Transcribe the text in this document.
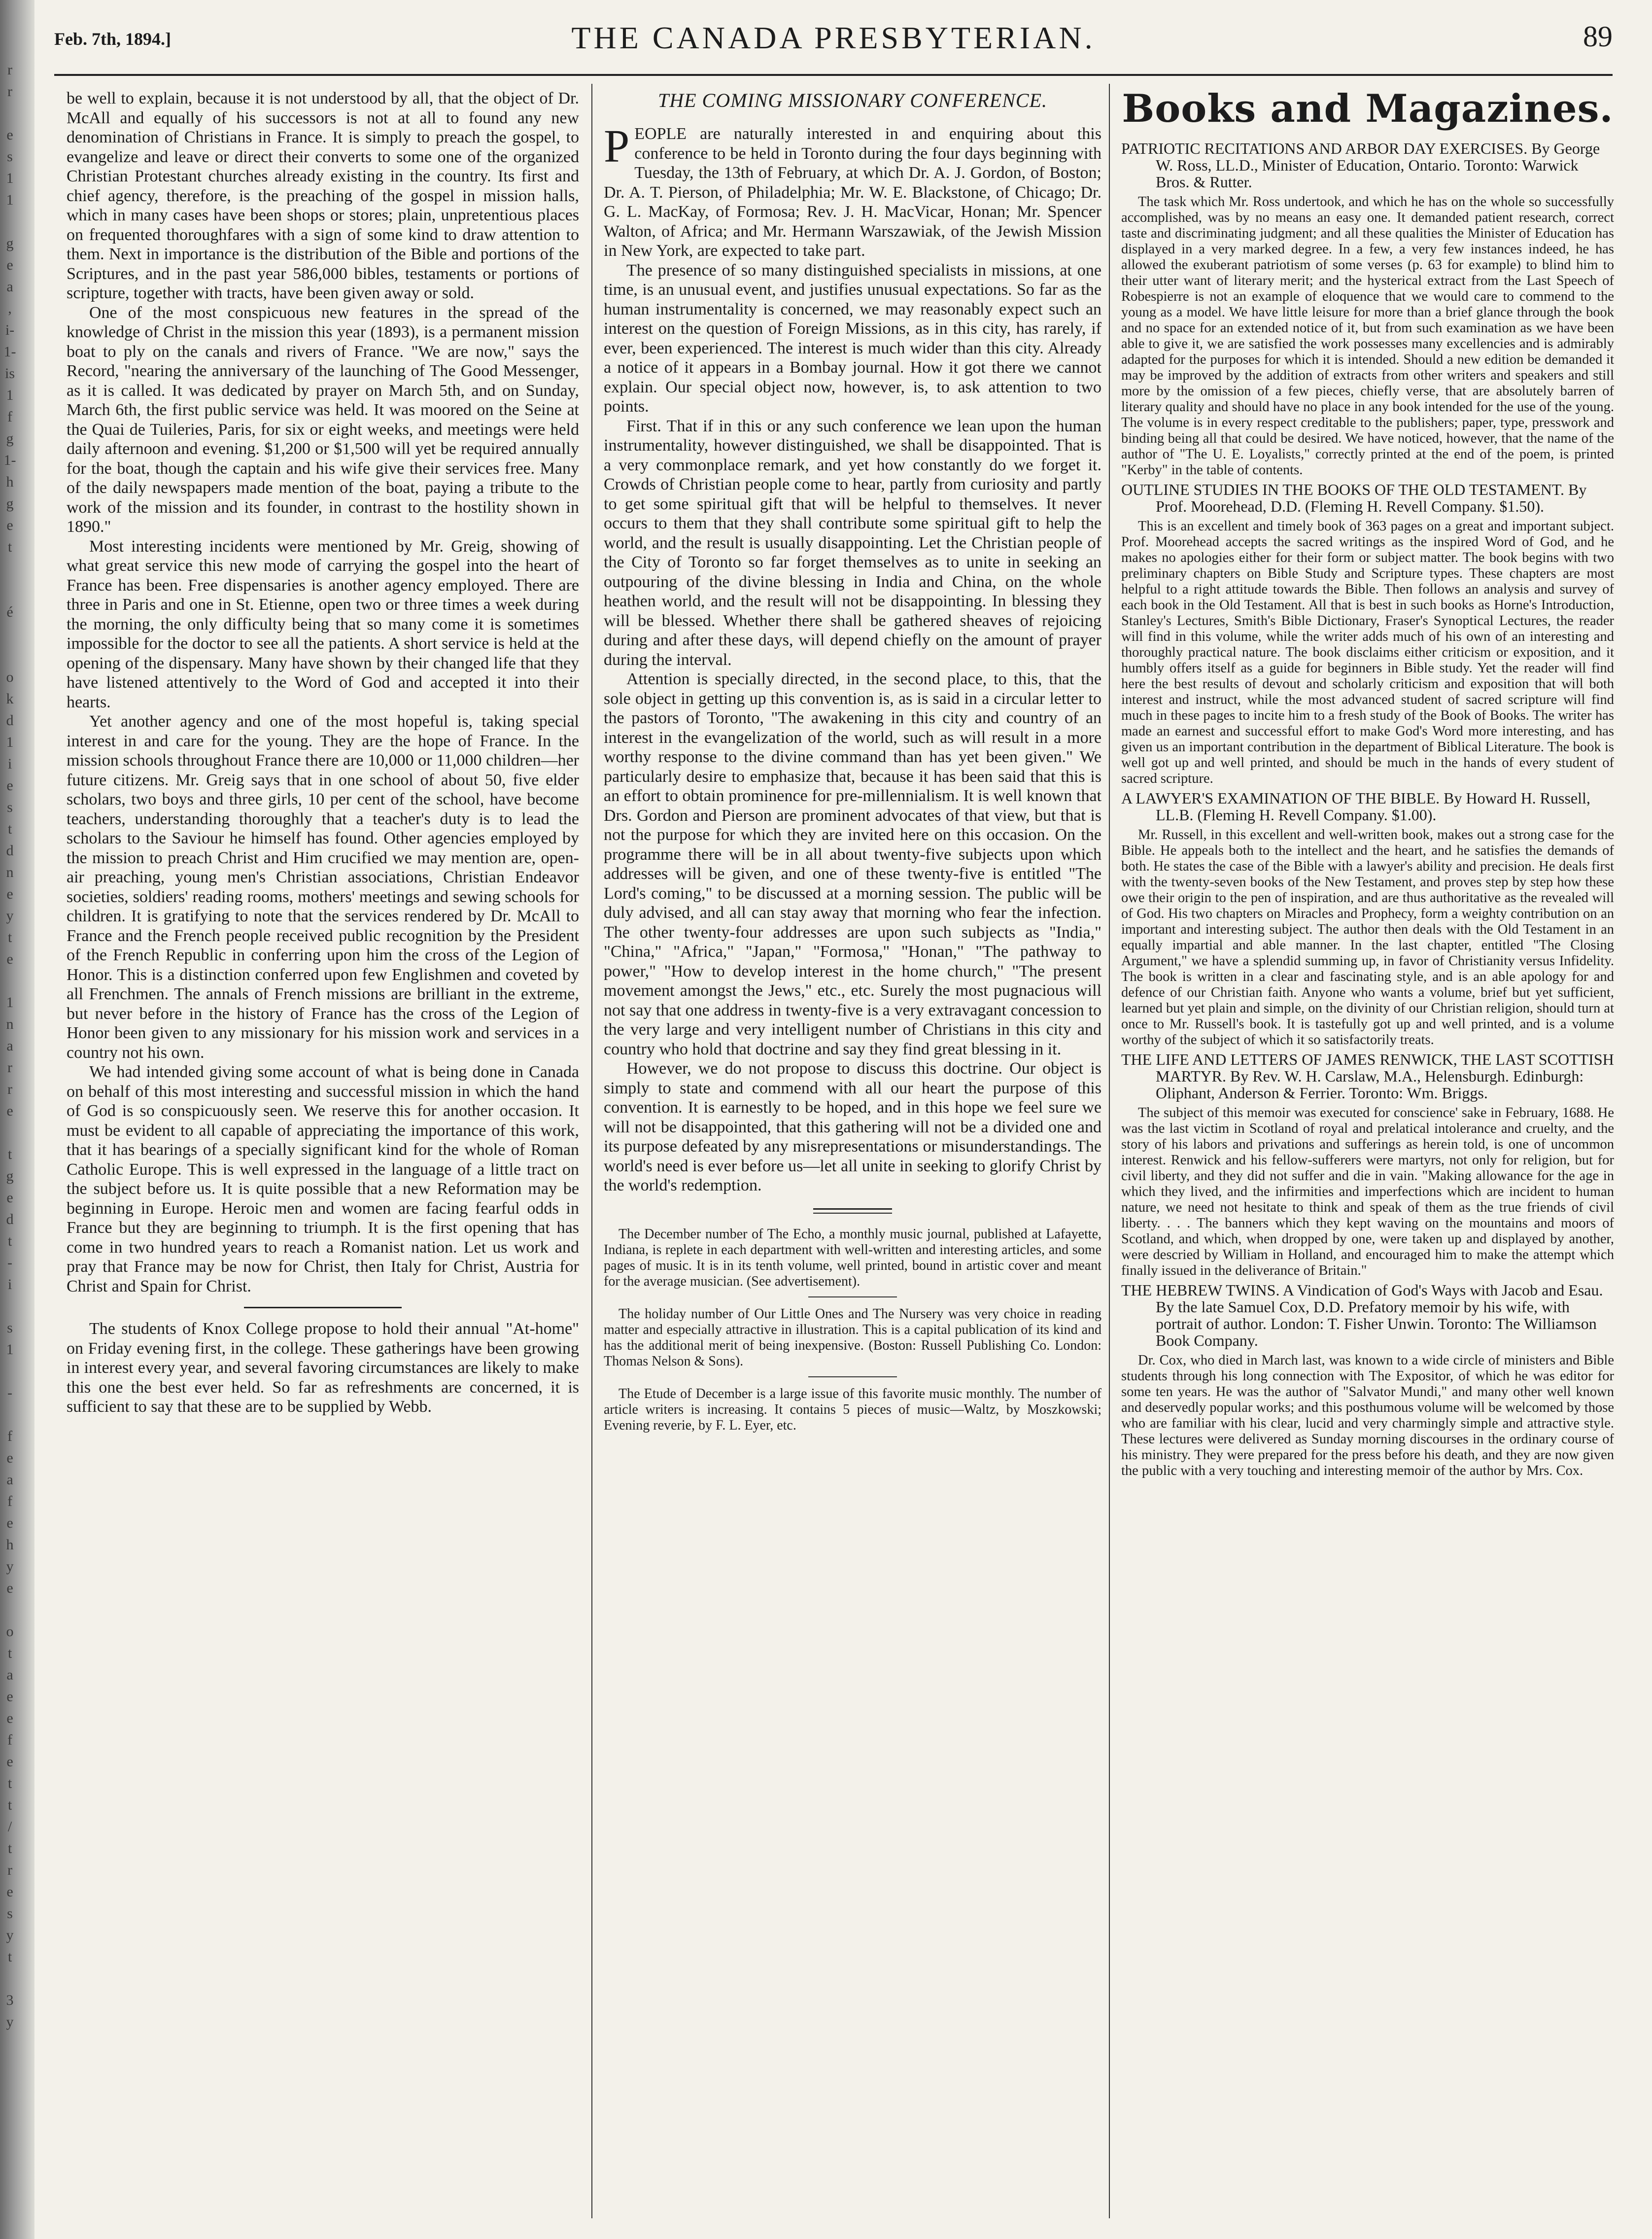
r
r

e
s
1
1

g
e
a
,
i-
1-
is
1
f
g
1-
h
g
e
t

é

o
k
d
1
i
e
s
t
d
n
e
y
t
e

1
n
a
r
r
e

t
g
e
d
t
-
i

s
1

-

f
e
a
f
e
h
y
e

o
t
a
e
e
f
e
t
t
/
t
r
e
s
y
t

3
y
Feb. 7th, 1894.]	THE CANADA PRESBYTERIAN.	89

be well to explain, because it is not understood by all, that the object of Dr. McAll and equally of his successors is not at all to found any new denomination of Christians in France. It is simply to preach the gospel, to evangelize and leave or direct their converts to some one of the organized Christian Protestant churches already existing in the country. Its first and chief agency, therefore, is the preaching of the gospel in mission halls, which in many cases have been shops or stores; plain, unpretentious places on frequented thoroughfares with a sign of some kind to draw attention to them. Next in importance is the distribution of the Bible and portions of the Scriptures, and in the past year 586,000 bibles, testaments or portions of scripture, together with tracts, have been given away or sold.

One of the most conspicuous new features in the spread of the knowledge of Christ in the mission this year (1893), is a permanent mission boat to ply on the canals and rivers of France. "We are now," says the Record, "nearing the anniversary of the launching of The Good Messenger, as it is called. It was dedicated by prayer on March 5th, and on Sunday, March 6th, the first public service was held. It was moored on the Seine at the Quai de Tuileries, Paris, for six or eight weeks, and meetings were held daily afternoon and evening. $1,200 or $1,500 will yet be required annually for the boat, though the captain and his wife give their services free. Many of the daily newspapers made mention of the boat, paying a tribute to the work of the mission and its founder, in contrast to the hostility shown in 1890."

Most interesting incidents were mentioned by Mr. Greig, showing of what great service this new mode of carrying the gospel into the heart of France has been. Free dispensaries is another agency employed. There are three in Paris and one in St. Etienne, open two or three times a week during the morning, the only difficulty being that so many come it is sometimes impossible for the doctor to see all the patients. A short service is held at the opening of the dispensary. Many have shown by their changed life that they have listened attentively to the Word of God and accepted it into their hearts.

Yet another agency and one of the most hopeful is, taking special interest in and care for the young. They are the hope of France. In the mission schools throughout France there are 10,000 or 11,000 children—her future citizens. Mr. Greig says that in one school of about 50, five elder scholars, two boys and three girls, 10 per cent of the school, have become teachers, understanding thoroughly that a teacher's duty is to lead the scholars to the Saviour he himself has found. Other agencies employed by the mission to preach Christ and Him crucified we may mention are, open-air preaching, young men's Christian associations, Christian Endeavor societies, soldiers' reading rooms, mothers' meetings and sewing schools for children. It is gratifying to note that the services rendered by Dr. McAll to France and the French people received public recognition by the President of the French Republic in conferring upon him the cross of the Legion of Honor. This is a distinction conferred upon few Englishmen and coveted by all Frenchmen. The annals of French missions are brilliant in the extreme, but never before in the history of France has the cross of the Legion of Honor been given to any missionary for his mission work and services in a country not his own.

We had intended giving some account of what is being done in Canada on behalf of this most interesting and successful mission in which the hand of God is so conspicuously seen. We reserve this for another occasion. It must be evident to all capable of appreciating the importance of this work, that it has bearings of a specially significant kind for the whole of Roman Catholic Europe. This is well expressed in the language of a little tract on the subject before us. It is quite possible that a new Reformation may be beginning in Europe. Heroic men and women are facing fearful odds in France but they are beginning to triumph. It is the first opening that has come in two hundred years to reach a Romanist nation. Let us work and pray that France may be now for Christ, then Italy for Christ, Austria for Christ and Spain for Christ.

The students of Knox College propose to hold their annual "At-home" on Friday evening first, in the college. These gatherings have been growing in interest every year, and several favoring circumstances are likely to make this one the best ever held. So far as refreshments are concerned, it is sufficient to say that these are to be supplied by Webb.

THE COMING MISSIONARY CONFERENCE.

PEOPLE are naturally interested in and enquiring about this conference to be held in Toronto during the four days beginning with Tuesday, the 13th of February, at which Dr. A. J. Gordon, of Boston; Dr. A. T. Pierson, of Philadelphia; Mr. W. E. Blackstone, of Chicago; Dr. G. L. MacKay, of Formosa; Rev. J. H. MacVicar, Honan; Mr. Spencer Walton, of Africa; and Mr. Hermann Warszawiak, of the Jewish Mission in New York, are expected to take part.

The presence of so many distinguished specialists in missions, at one time, is an unusual event, and justifies unusual expectations. So far as the human instrumentality is concerned, we may reasonably expect such an interest on the question of Foreign Missions, as in this city, has rarely, if ever, been experienced. The interest is much wider than this city. Already a notice of it appears in a Bombay journal. How it got there we cannot explain. Our special object now, however, is, to ask attention to two points.

First. That if in this or any such conference we lean upon the human instrumentality, however distinguished, we shall be disappointed. That is a very commonplace remark, and yet how constantly do we forget it. Crowds of Christian people come to hear, partly from curiosity and partly to get some spiritual gift that will be helpful to themselves. It never occurs to them that they shall contribute some spiritual gift to help the world, and the result is usually disappointing. Let the Christian people of the City of Toronto so far forget themselves as to unite in seeking an outpouring of the divine blessing in India and China, on the whole heathen world, and the result will not be disappointing. In blessing they will be blessed. Whether there shall be gathered sheaves of rejoicing during and after these days, will depend chiefly on the amount of prayer during the interval.

Attention is specially directed, in the second place, to this, that the sole object in getting up this convention is, as is said in a circular letter to the pastors of Toronto, "The awakening in this city and country of an interest in the evangelization of the world, such as will result in a more worthy response to the divine command than has yet been given." We particularly desire to emphasize that, because it has been said that this is an effort to obtain prominence for pre-millennialism. It is well known that Drs. Gordon and Pierson are prominent advocates of that view, but that is not the purpose for which they are invited here on this occasion. On the programme there will be in all about twenty-five subjects upon which addresses will be given, and one of these twenty-five is entitled "The Lord's coming," to be discussed at a morning session. The public will be duly advised, and all can stay away that morning who fear the infection. The other twenty-four addresses are upon such subjects as "India," "China," "Africa," "Japan," "Formosa," "Honan," "The pathway to power," "How to develop interest in the home church," "The present movement amongst the Jews," etc., etc. Surely the most pugnacious will not say that one address in twenty-five is a very extravagant concession to the very large and very intelligent number of Christians in this city and country who hold that doctrine and say they find great blessing in it.

However, we do not propose to discuss this doctrine. Our object is simply to state and commend with all our heart the purpose of this convention. It is earnestly to be hoped, and in this hope we feel sure we will not be disappointed, that this gathering will not be a divided one and its purpose defeated by any misrepresentations or misunderstandings. The world's need is ever before us—let all unite in seeking to glorify Christ by the world's redemption.

The December number of The Echo, a monthly music journal, published at Lafayette, Indiana, is replete in each department with well-written and interesting articles, and some pages of music. It is in its tenth volume, well printed, bound in artistic cover and meant for the average musician. (See advertisement).

The holiday number of Our Little Ones and The Nursery was very choice in reading matter and especially attractive in illustration. This is a capital publication of its kind and has the additional merit of being inexpensive. (Boston: Russell Publishing Co. London: Thomas Nelson & Sons).

The Etude of December is a large issue of this favorite music monthly. The number of article writers is increasing. It contains 5 pieces of music—Waltz, by Moszkowski; Evening reverie, by F. L. Eyer, etc.

Books and Magazines.
PATRIOTIC RECITATIONS AND ARBOR DAY EXERCISES. By George W. Ross, LL.D., Minister of Education, Ontario. Toronto: Warwick Bros. & Rutter.

The task which Mr. Ross undertook, and which he has on the whole so successfully accomplished, was by no means an easy one. It demanded patient research, correct taste and discriminating judgment; and all these qualities the Minister of Education has displayed in a very marked degree. In a few, a very few instances indeed, he has allowed the exuberant patriotism of some verses (p. 63 for example) to blind him to their utter want of literary merit; and the hysterical extract from the Last Speech of Robespierre is not an example of eloquence that we would care to commend to the young as a model. We have little leisure for more than a brief glance through the book and no space for an extended notice of it, but from such examination as we have been able to give it, we are satisfied the work possesses many excellencies and is admirably adapted for the purposes for which it is intended. Should a new edition be demanded it may be improved by the addition of extracts from other writers and speakers and still more by the omission of a few pieces, chiefly verse, that are absolutely barren of literary quality and should have no place in any book intended for the use of the young. The volume is in every respect creditable to the publishers; paper, type, presswork and binding being all that could be desired. We have noticed, however, that the name of the author of "The U. E. Loyalists," correctly printed at the end of the poem, is printed "Kerby" in the table of contents.

OUTLINE STUDIES IN THE BOOKS OF THE OLD TESTAMENT. By Prof. Moorehead, D.D. (Fleming H. Revell Company. $1.50).

This is an excellent and timely book of 363 pages on a great and important subject. Prof. Moorehead accepts the sacred writings as the inspired Word of God, and he makes no apologies either for their form or subject matter. The book begins with two preliminary chapters on Bible Study and Scripture types. These chapters are most helpful to a right attitude towards the Bible. Then follows an analysis and survey of each book in the Old Testament. All that is best in such books as Horne's Introduction, Stanley's Lectures, Smith's Bible Dictionary, Fraser's Synoptical Lectures, the reader will find in this volume, while the writer adds much of his own of an interesting and thoroughly practical nature. The book disclaims either criticism or exposition, and it humbly offers itself as a guide for beginners in Bible study. Yet the reader will find here the best results of devout and scholarly criticism and exposition that will both interest and instruct, while the most advanced student of sacred scripture will find much in these pages to incite him to a fresh study of the Book of Books. The writer has made an earnest and successful effort to make God's Word more interesting, and has given us an important contribution in the department of Biblical Literature. The book is well got up and well printed, and should be much in the hands of every student of sacred scripture.

A LAWYER'S EXAMINATION OF THE BIBLE. By Howard H. Russell, LL.B. (Fleming H. Revell Company. $1.00).

Mr. Russell, in this excellent and well-written book, makes out a strong case for the Bible. He appeals both to the intellect and the heart, and he satisfies the demands of both. He states the case of the Bible with a lawyer's ability and precision. He deals first with the twenty-seven books of the New Testament, and proves step by step how these owe their origin to the pen of inspiration, and are thus authoritative as the revealed will of God. His two chapters on Miracles and Prophecy, form a weighty contribution on an important and interesting subject. The author then deals with the Old Testament in an equally impartial and able manner. In the last chapter, entitled "The Closing Argument," we have a splendid summing up, in favor of Christianity versus Infidelity. The book is written in a clear and fascinating style, and is an able apology for and defence of our Christian faith. Anyone who wants a volume, brief but yet sufficient, learned but yet plain and simple, on the divinity of our Christian religion, should turn at once to Mr. Russell's book. It is tastefully got up and well printed, and is a volume worthy of the subject of which it so satisfactorily treats.

THE LIFE AND LETTERS OF JAMES RENWICK, THE LAST SCOTTISH MARTYR. By Rev. W. H. Carslaw, M.A., Helensburgh. Edinburgh: Oliphant, Anderson & Ferrier. Toronto: Wm. Briggs.

The subject of this memoir was executed for conscience' sake in February, 1688. He was the last victim in Scotland of royal and prelatical intolerance and cruelty, and the story of his labors and privations and sufferings as herein told, is one of uncommon interest. Renwick and his fellow-sufferers were martyrs, not only for religion, but for civil liberty, and they did not suffer and die in vain. "Making allowance for the age in which they lived, and the infirmities and imperfections which are incident to human nature, we need not hesitate to think and speak of them as the true friends of civil liberty. . . . The banners which they kept waving on the mountains and moors of Scotland, and which, when dropped by one, were taken up and displayed by another, were descried by William in Holland, and encouraged him to make the attempt which finally issued in the deliverance of Britain."

THE HEBREW TWINS. A Vindication of God's Ways with Jacob and Esau. By the late Samuel Cox, D.D. Prefatory memoir by his wife, with portrait of author. London: T. Fisher Unwin. Toronto: The Williamson Book Company.

Dr. Cox, who died in March last, was known to a wide circle of ministers and Bible students through his long connection with The Expositor, of which he was editor for some ten years. He was the author of "Salvator Mundi," and many other well known and deservedly popular works; and this posthumous volume will be welcomed by those who are familiar with his clear, lucid and very charmingly simple and attractive style. These lectures were delivered as Sunday morning discourses in the ordinary course of his ministry. They were prepared for the press before his death, and they are now given the public with a very touching and interesting memoir of the author by Mrs. Cox.
